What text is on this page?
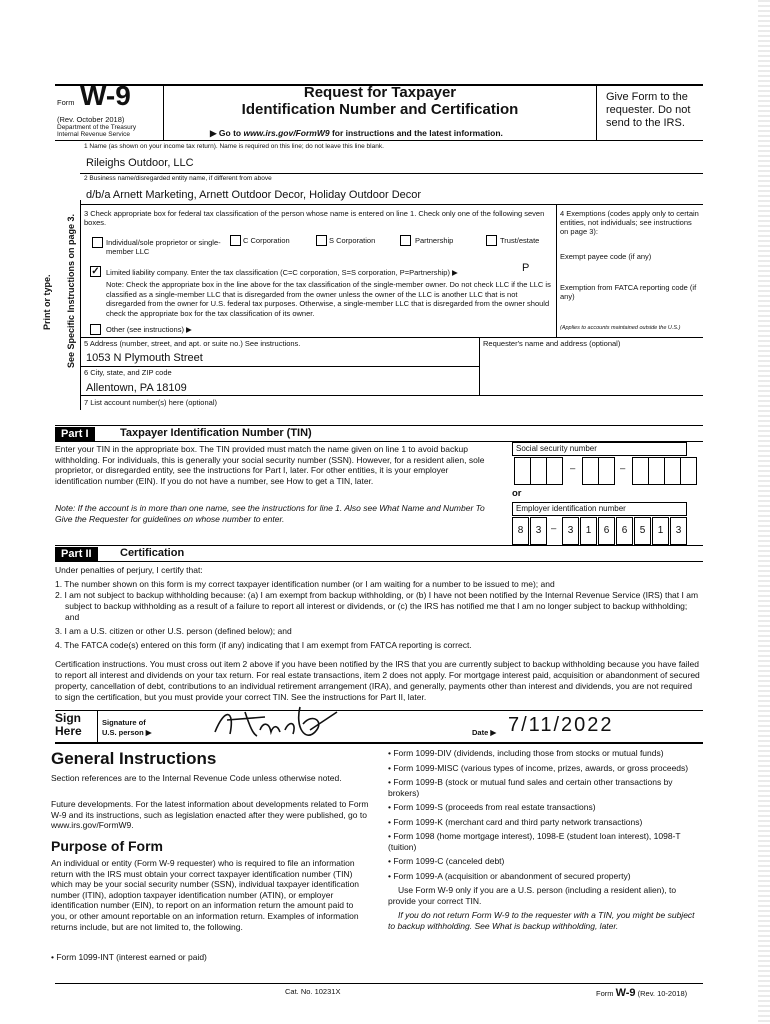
Form W-9
(Rev. October 2018)
Department of the Treasury
Internal Revenue Service
Request for Taxpayer
Identification Number and Certification
▶ Go to www.irs.gov/FormW9 for instructions and the latest information.
Give Form to the requester. Do not send to the IRS.
Print or type. See Specific Instructions on page 3.
1 Name (as shown on your income tax return). Name is required on this line; do not leave this line blank.
Rileighs Outdoor, LLC
2 Business name/disregarded entity name, if different from above
d/b/a Arnett Marketing, Arnett Outdoor Decor, Holiday Outdoor Decor
3 Check appropriate box for federal tax classification of the person whose name is entered on line 1. Check only one of the following seven boxes.
Individual/sole proprietor or single-member LLC
C Corporation	S Corporation	Partnership	Trust/estate
✓ Limited liability company. Enter the tax classification (C=C corporation, S=S corporation, P=Partnership) ▶	P
Note: Check the appropriate box in the line above for the tax classification of the single-member owner. Do not check LLC if the LLC is classified as a single-member LLC that is disregarded from the owner unless the owner of the LLC is another LLC that is not disregarded from the owner for U.S. federal tax purposes. Otherwise, a single-member LLC that is disregarded from the owner should check the appropriate box for the tax classification of its owner.
Other (see instructions) ▶
4 Exemptions (codes apply only to certain entities, not individuals; see instructions on page 3):
Exempt payee code (if any)
Exemption from FATCA reporting code (if any)
(Applies to accounts maintained outside the U.S.)
5 Address (number, street, and apt. or suite no.) See instructions.
1053 N Plymouth Street
Requester's name and address (optional)
6 City, state, and ZIP code
Allentown, PA 18109
7 List account number(s) here (optional)
Part I	Taxpayer Identification Number (TIN)
Enter your TIN in the appropriate box. The TIN provided must match the name given on line 1 to avoid backup withholding. For individuals, this is generally your social security number (SSN). However, for a resident alien, sole proprietor, or disregarded entity, see the instructions for Part I, later. For other entities, it is your employer identification number (EIN). If you do not have a number, see How to get a TIN, later.
Note: If the account is in more than one name, see the instructions for line 1. Also see What Name and Number To Give the Requester for guidelines on whose number to enter.
Social security number
–	–
or
Employer identification number
8	3	–	3	1	6	6	5	1	3
Part II	Certification
Under penalties of perjury, I certify that:
1. The number shown on this form is my correct taxpayer identification number (or I am waiting for a number to be issued to me); and
2. I am not subject to backup withholding because: (a) I am exempt from backup withholding, or (b) I have not been notified by the Internal Revenue Service (IRS) that I am subject to backup withholding as a result of a failure to report all interest or dividends, or (c) the IRS has notified me that I am no longer subject to backup withholding; and
3. I am a U.S. citizen or other U.S. person (defined below); and
4. The FATCA code(s) entered on this form (if any) indicating that I am exempt from FATCA reporting is correct.
Certification instructions. You must cross out item 2 above if you have been notified by the IRS that you are currently subject to backup withholding because you have failed to report all interest and dividends on your tax return. For real estate transactions, item 2 does not apply. For mortgage interest paid, acquisition or abandonment of secured property, cancellation of debt, contributions to an individual retirement arrangement (IRA), and generally, payments other than interest and dividends, you are not required to sign the certification, but you must provide your correct TIN. See the instructions for Part II, later.
Sign Here
Signature of U.S. person ▶	Date ▶ 7/11/2022
General Instructions
Section references are to the Internal Revenue Code unless otherwise noted.
Future developments. For the latest information about developments related to Form W-9 and its instructions, such as legislation enacted after they were published, go to www.irs.gov/FormW9.
Purpose of Form
An individual or entity (Form W-9 requester) who is required to file an information return with the IRS must obtain your correct taxpayer identification number (TIN) which may be your social security number (SSN), individual taxpayer identification number (ITIN), adoption taxpayer identification number (ATIN), or employer identification number (EIN), to report on an information return the amount paid to you, or other amount reportable on an information return. Examples of information returns include, but are not limited to, the following.
• Form 1099-INT (interest earned or paid)
• Form 1099-DIV (dividends, including those from stocks or mutual funds)
• Form 1099-MISC (various types of income, prizes, awards, or gross proceeds)
• Form 1099-B (stock or mutual fund sales and certain other transactions by brokers)
• Form 1099-S (proceeds from real estate transactions)
• Form 1099-K (merchant card and third party network transactions)
• Form 1098 (home mortgage interest), 1098-E (student loan interest), 1098-T (tuition)
• Form 1099-C (canceled debt)
• Form 1099-A (acquisition or abandonment of secured property)
Use Form W-9 only if you are a U.S. person (including a resident alien), to provide your correct TIN.
If you do not return Form W-9 to the requester with a TIN, you might be subject to backup withholding. See What is backup withholding, later.
Cat. No. 10231X	Form W-9 (Rev. 10-2018)
